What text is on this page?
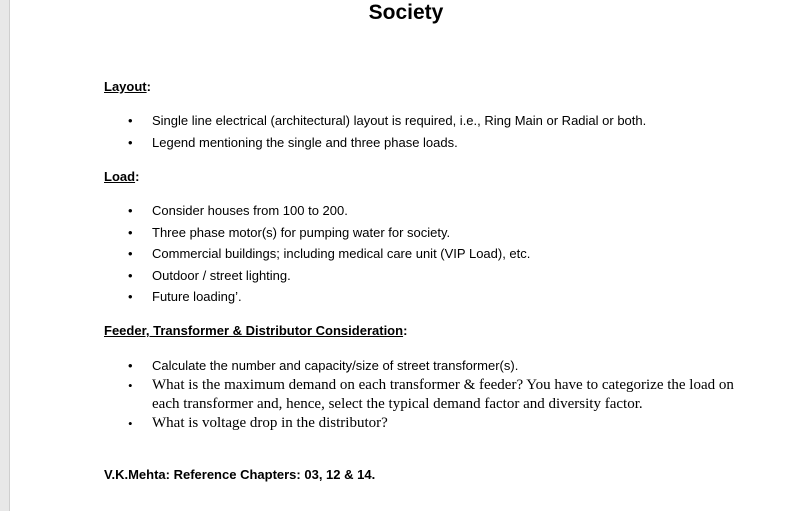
Society
Layout:
• Single line electrical (architectural) layout is required, i.e., Ring Main or Radial or both.
• Legend mentioning the single and three phase loads.
Load:
• Consider houses from 100 to 200.
• Three phase motor(s) for pumping water for society.
• Commercial buildings; including medical care unit (VIP Load), etc.
• Outdoor / street lighting.
• Future loading’.
Feeder, Transformer & Distributor Consideration:
• Calculate the number and capacity/size of street transformer(s).
• What is the maximum demand on each transformer & feeder? You have to categorize the load on each transformer and, hence, select the typical demand factor and diversity factor.
• What is voltage drop in the distributor?
V.K.Mehta: Reference Chapters: 03, 12 & 14.
